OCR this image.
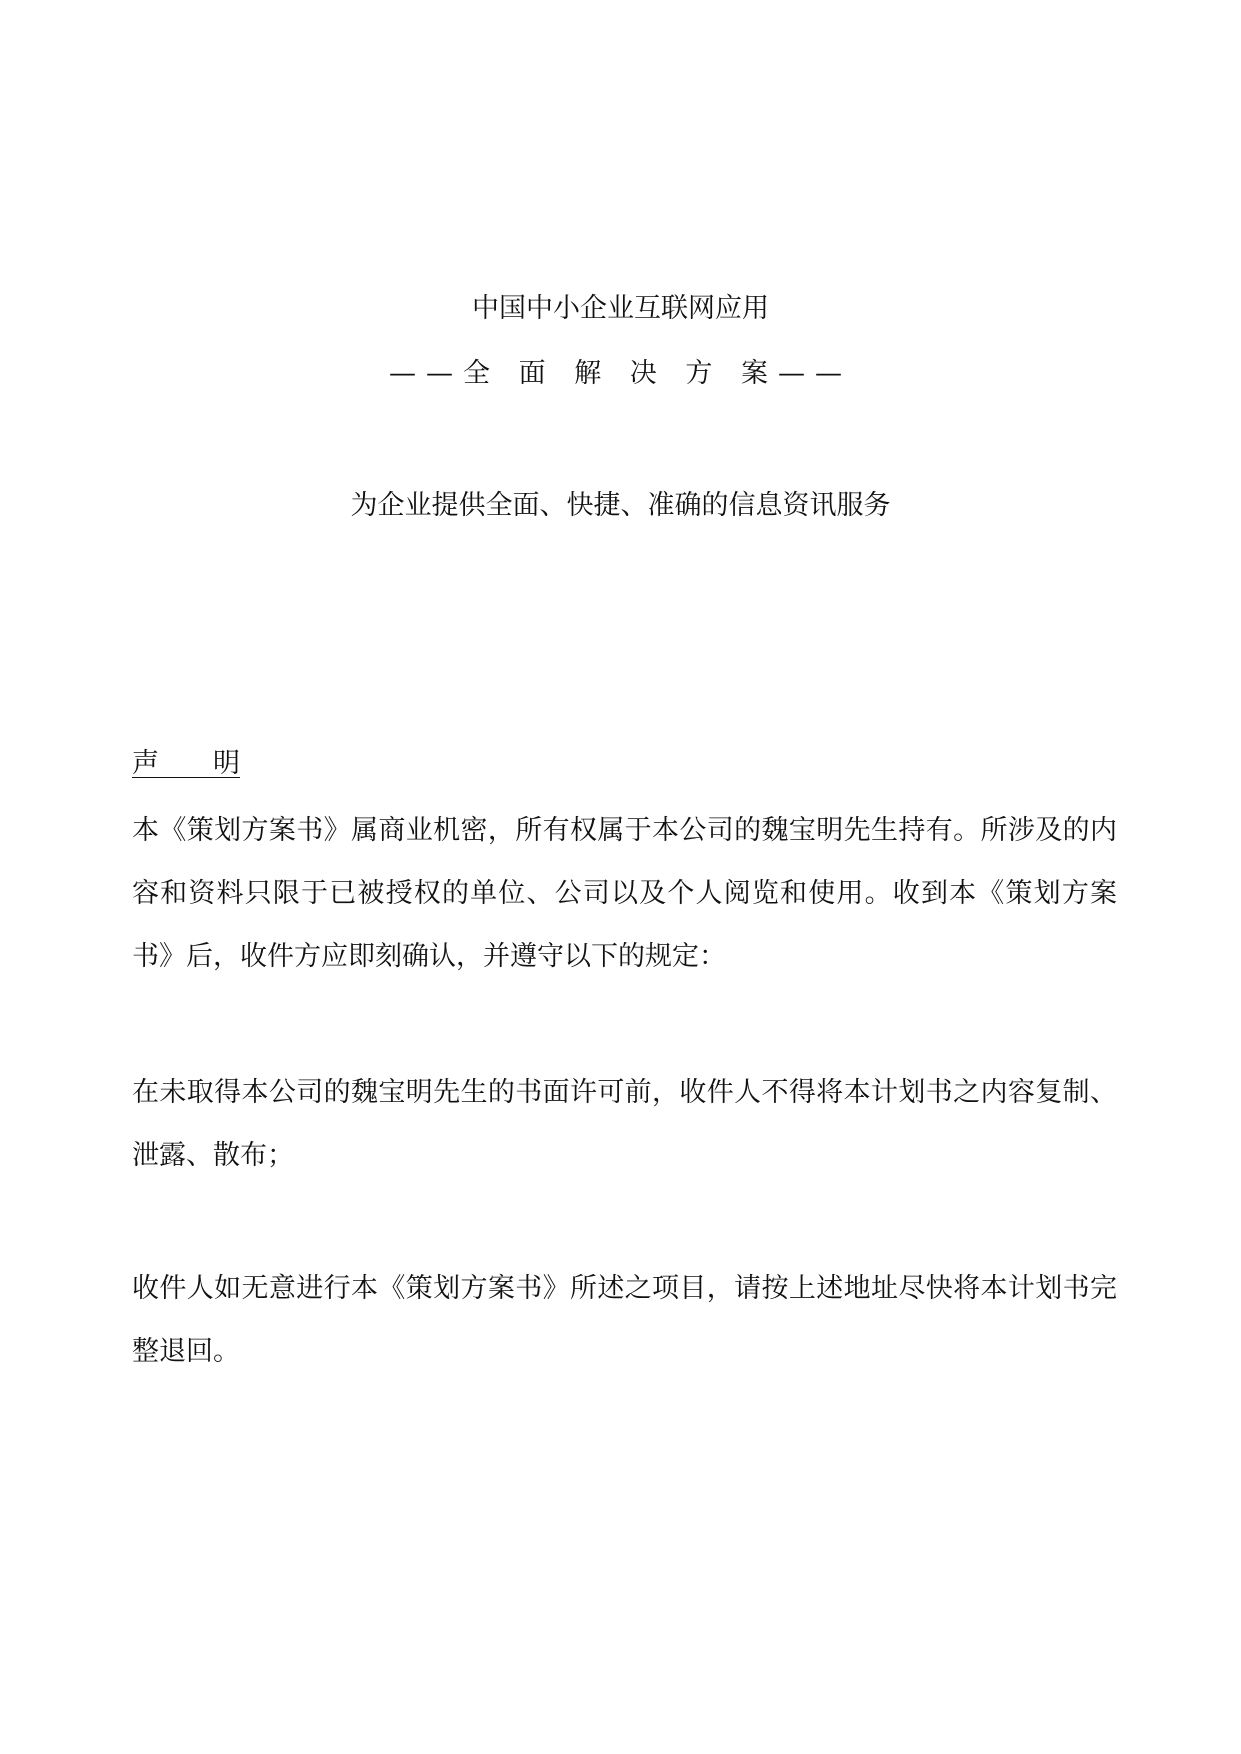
中国中小企业互联网应用
——全 面 解 决 方 案——
为企业提供全面、快捷、准确的信息资讯服务
声　　明
本《策划方案书》属商业机密，所有权属于本公司的魏宝明先生持有。所涉及的内容和资料只限于已被授权的单位、公司以及个人阅览和使用。收到本《策划方案书》后，收件方应即刻确认，并遵守以下的规定：
在未取得本公司的魏宝明先生的书面许可前，收件人不得将本计划书之内容复制、泄露、散布；
收件人如无意进行本《策划方案书》所述之项目，请按上述地址尽快将本计划书完整退回。
